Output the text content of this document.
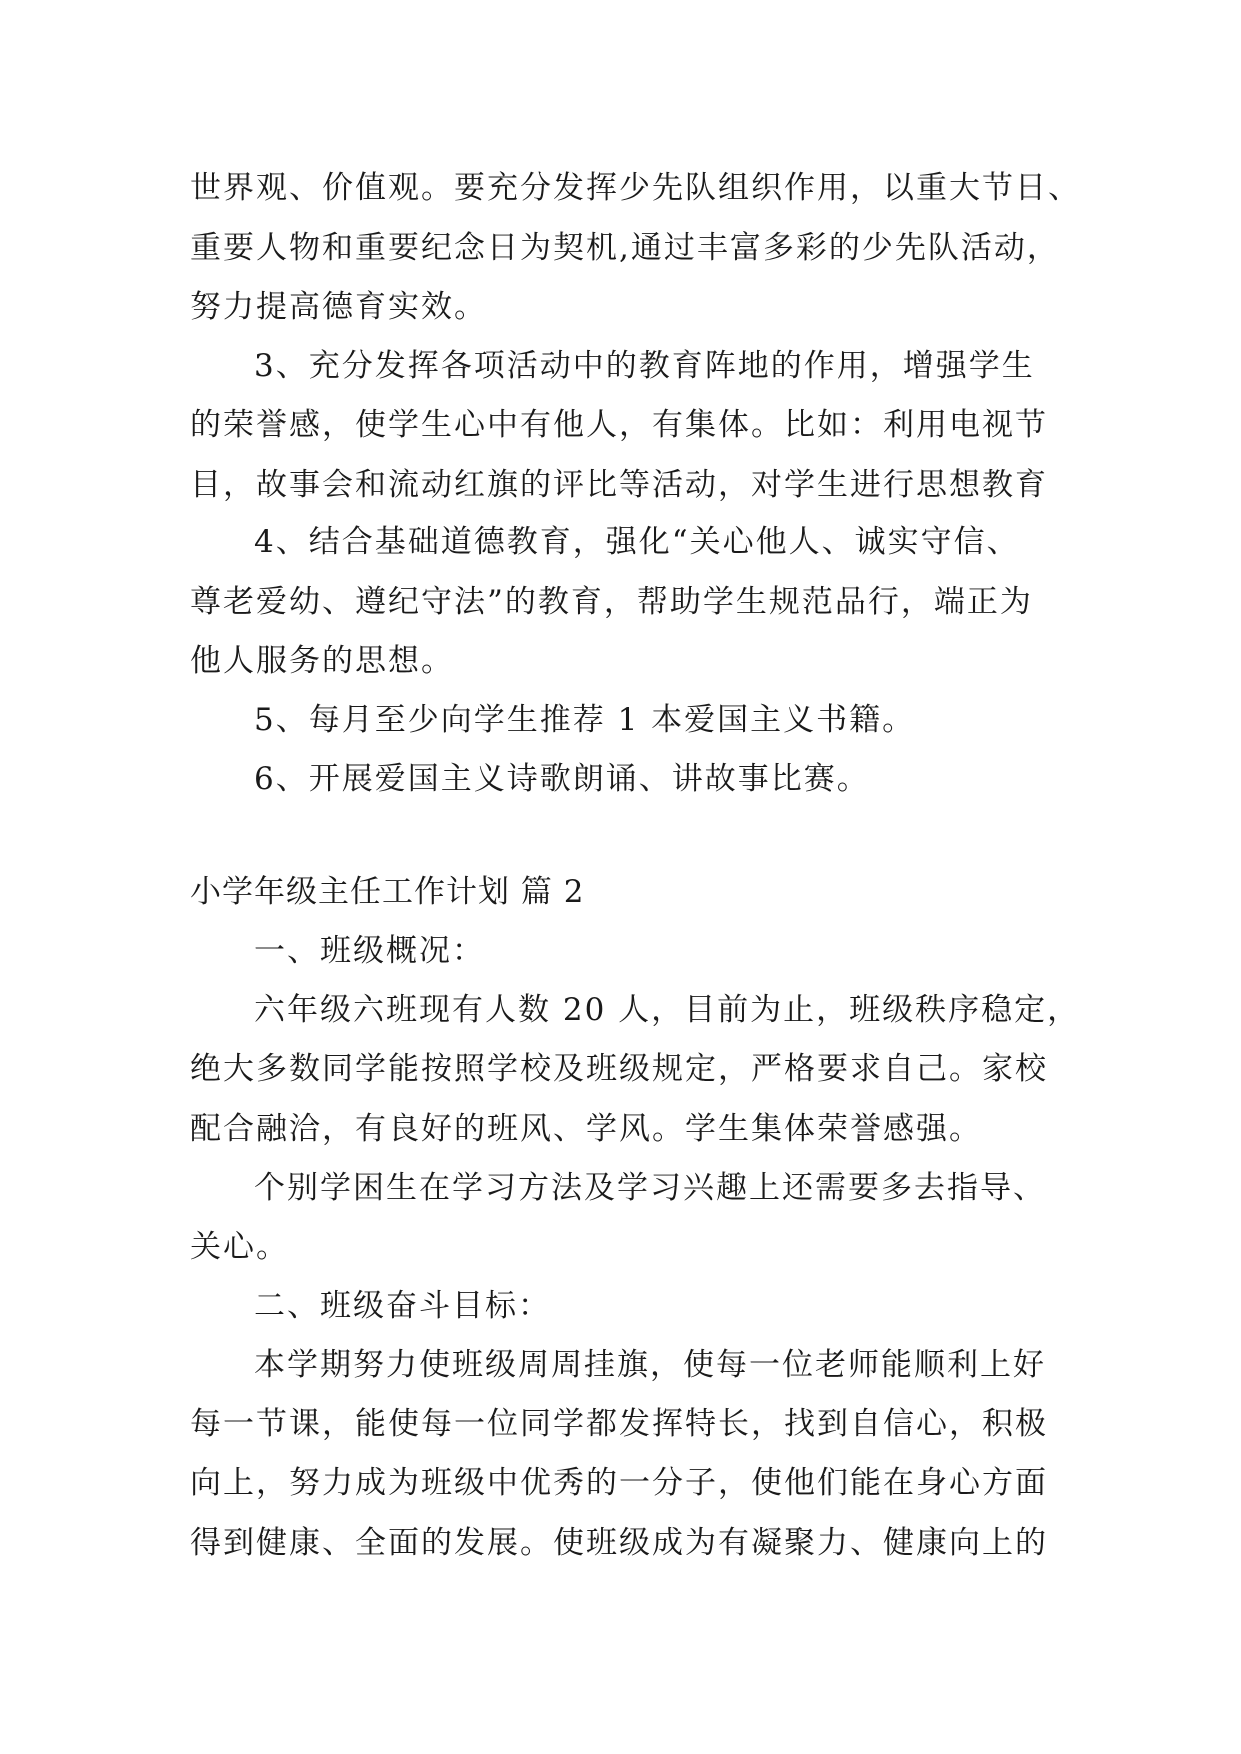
世界观、价值观。要充分发挥少先队组织作用，以重大节日、
重要人物和重要纪念日为契机,通过丰富多彩的少先队活动，
努力提高德育实效。
3、充分发挥各项活动中的教育阵地的作用，增强学生
的荣誉感，使学生心中有他人，有集体。比如：利用电视节
目，故事会和流动红旗的评比等活动，对学生进行思想教育
4、结合基础道德教育，强化“关心他人、诚实守信、
尊老爱幼、遵纪守法”的教育，帮助学生规范品行，端正为
他人服务的思想。
5、每月至少向学生推荐 1 本爱国主义书籍。
6、开展爱国主义诗歌朗诵、讲故事比赛。
小学年级主任工作计划 篇 2
一、班级概况：
六年级六班现有人数 20 人，目前为止，班级秩序稳定，
绝大多数同学能按照学校及班级规定，严格要求自己。家校
配合融洽，有良好的班风、学风。学生集体荣誉感强。
个别学困生在学习方法及学习兴趣上还需要多去指导、
关心。
二、班级奋斗目标：
本学期努力使班级周周挂旗，使每一位老师能顺利上好
每一节课，能使每一位同学都发挥特长，找到自信心，积极
向上，努力成为班级中优秀的一分子，使他们能在身心方面
得到健康、全面的发展。使班级成为有凝聚力、健康向上的
